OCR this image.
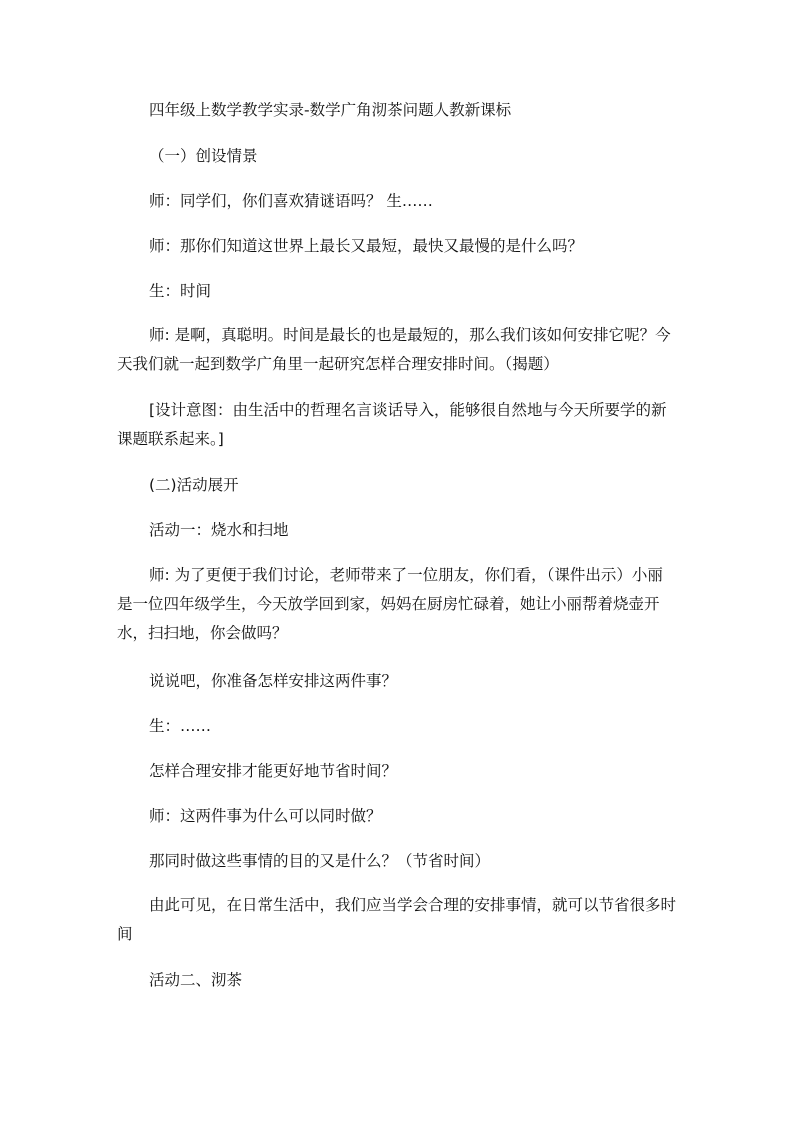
四年级上数学教学实录-数学广角沏茶问题人教新课标

（一）创设情景

师：同学们，你们喜欢猜谜语吗？ 生……

师：那你们知道这世界上最长又最短，最快又最慢的是什么吗？

生：时间

师: 是啊，真聪明。时间是最长的也是最短的，那么我们该如何安排它呢？今天我们就一起到数学广角里一起研究怎样合理安排时间。（揭题）

[设计意图：由生活中的哲理名言谈话导入，能够很自然地与今天所要学的新课题联系起来。]

(二)活动展开

活动一：烧水和扫地

师: 为了更便于我们讨论，老师带来了一位朋友，你们看，（课件出示）小丽是一位四年级学生，今天放学回到家，妈妈在厨房忙碌着，她让小丽帮着烧壶开水，扫扫地，你会做吗？

说说吧，你准备怎样安排这两件事？

生：……

怎样合理安排才能更好地节省时间？

师：这两件事为什么可以同时做？

那同时做这些事情的目的又是什么？（节省时间）

由此可见，在日常生活中，我们应当学会合理的安排事情，就可以节省很多时间

活动二、沏茶
